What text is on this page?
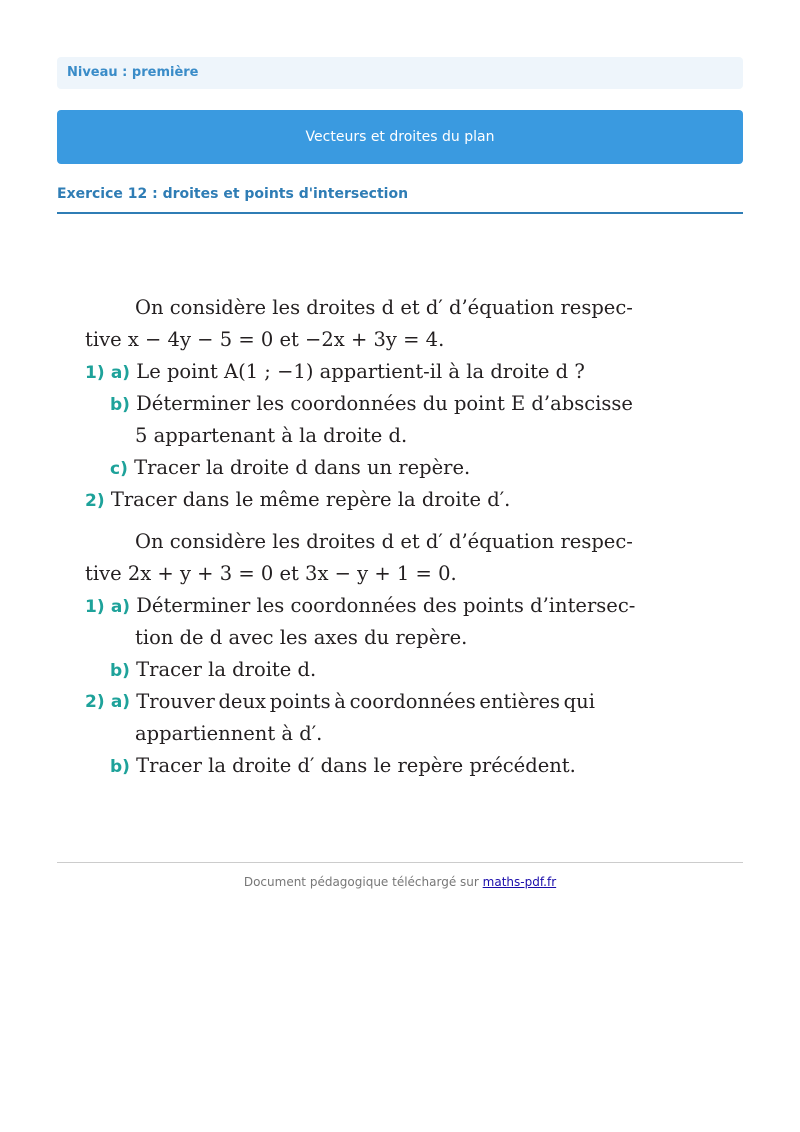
Niveau : première
Vecteurs et droites du plan
Exercice 12 : droites et points d'intersection
On considère les droites d et d′ d’équation respec-
tive x − 4y − 5 = 0 et −2x + 3y = 4.
1) a) Le point A(1 ; −1) appartient-il à la droite d ?
b) Déterminer les coordonnées du point E d’abscisse
5 appartenant à la droite d.
c) Tracer la droite d dans un repère.
2) Tracer dans le même repère la droite d′.
On considère les droites d et d′ d’équation respec-
tive 2x + y + 3 = 0 et 3x − y + 1 = 0.
1) a) Déterminer les coordonnées des points d’intersec-
tion de d avec les axes du repère.
b) Tracer la droite d.
2)
a)
Trouver deux points à coordonnées entières qui
appartiennent à d′.
b) Tracer la droite d′ dans le repère précédent.
Document pédagogique téléchargé sur maths-pdf.fr
